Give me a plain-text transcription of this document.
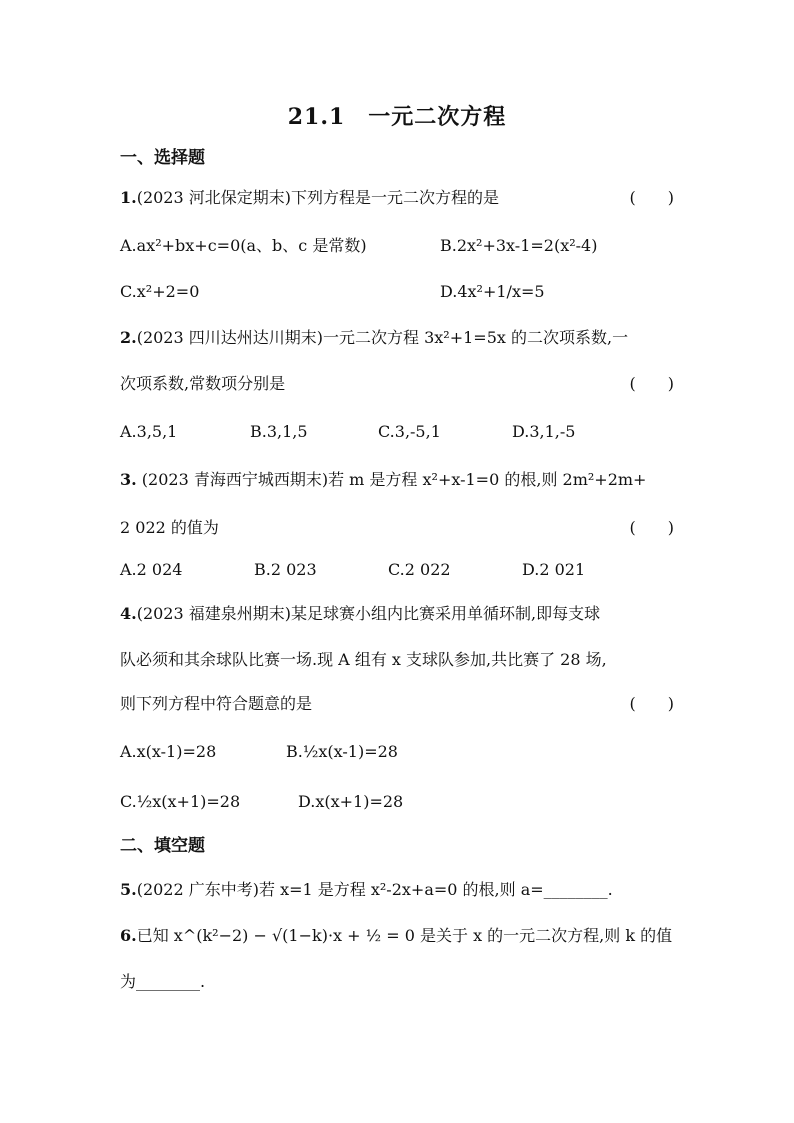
21.1　一元二次方程
一、选择题
1.(2023 河北保定期末)下列方程是一元二次方程的是	(　　)
A.ax²+bx+c=0(a、b、c 是常数)	B.2x²+3x-1=2(x²-4)
C.x²+2=0	D.4x²+1/x=5
2.(2023 四川达州达川期末)一元二次方程 3x²+1=5x 的二次项系数,一
次项系数,常数项分别是	(　　)
A.3,5,1	B.3,1,5	C.3,-5,1	D.3,1,-5
3. (2023 青海西宁城西期末)若 m 是方程 x²+x-1=0 的根,则 2m²+2m+
2 022 的值为	(　　)
A.2 024	B.2 023	C.2 022	D.2 021
4.(2023 福建泉州期末)某足球赛小组内比赛采用单循环制,即每支球
队必须和其余球队比赛一场.现 A 组有 x 支球队参加,共比赛了 28 场,
则下列方程中符合题意的是	(　　)
A.x(x-1)=28	B.½x(x-1)=28
C.½x(x+1)=28	D.x(x+1)=28
二、填空题
5.(2022 广东中考)若 x=1 是方程 x²-2x+a=0 的根,则 a=________.
6.已知 x^(k²−2) − √(1−k)·x + ½ = 0 是关于 x 的一元二次方程,则 k 的值
为________.
